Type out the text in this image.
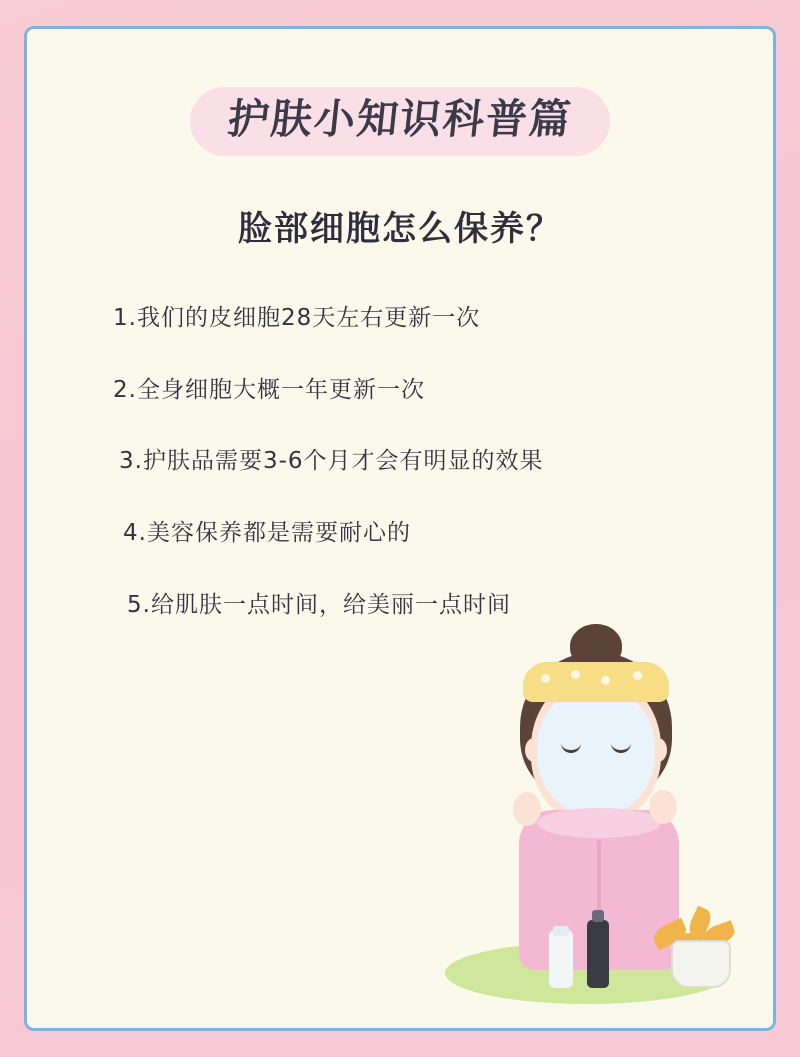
护肤小知识科普篇
脸部细胞怎么保养？
1.我们的皮细胞28天左右更新一次
2.全身细胞大概一年更新一次
3.护肤品需要3-6个月才会有明显的效果
4.美容保养都是需要耐心的
5.给肌肤一点时间，给美丽一点时间
